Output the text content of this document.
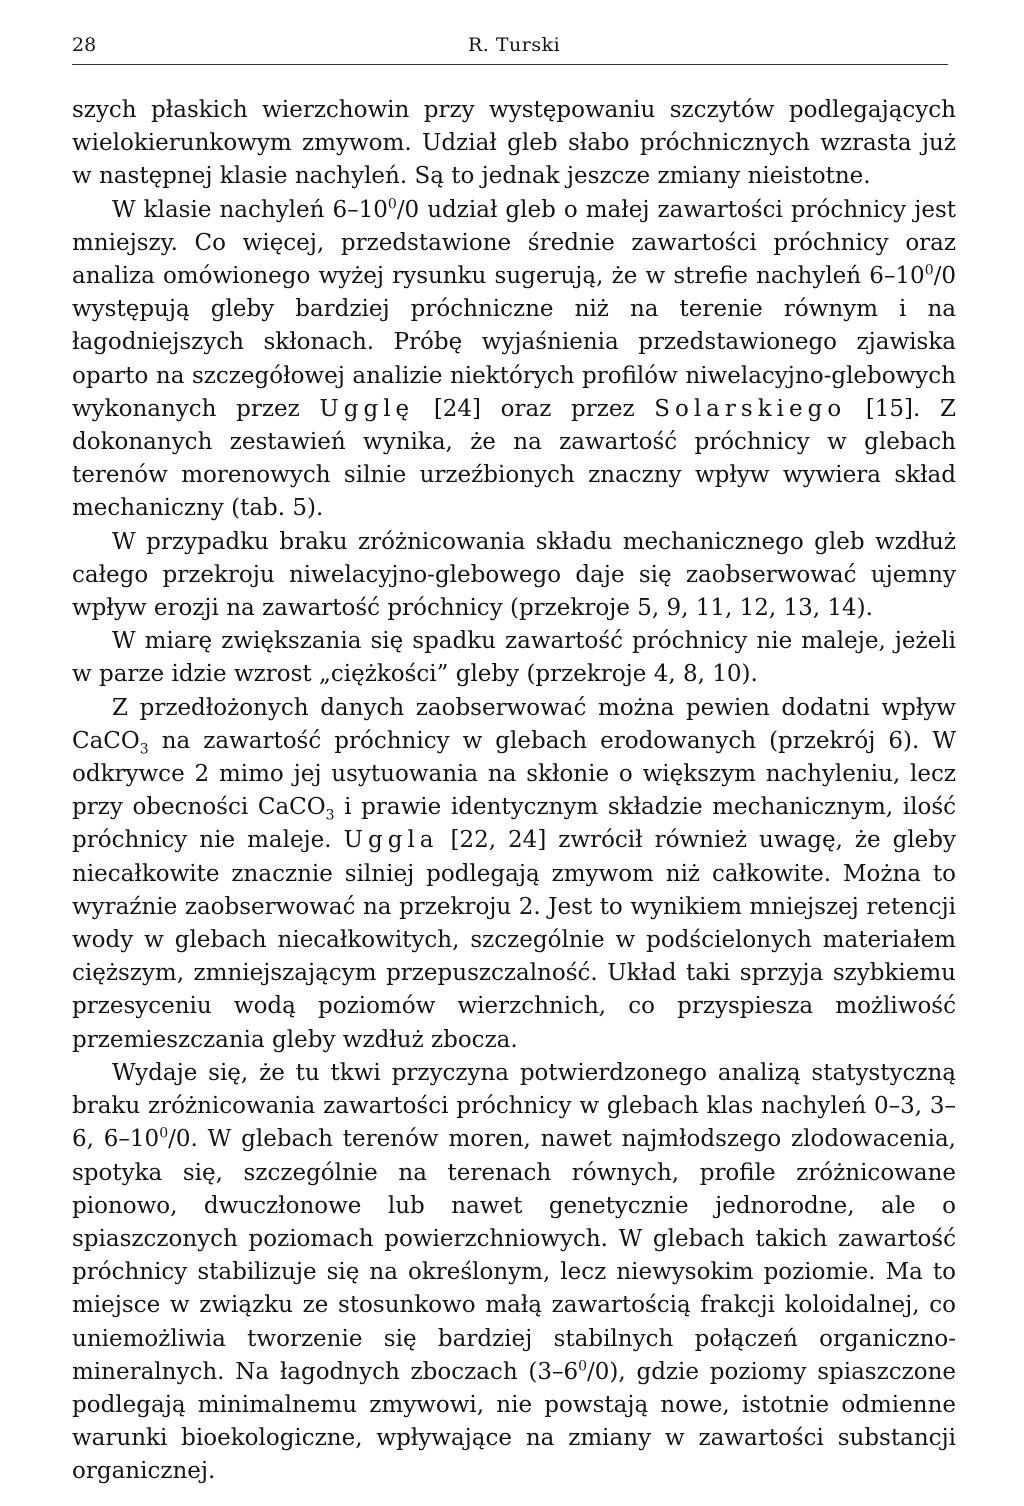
28	R. Turski

szych płaskich wierzchowin przy występowaniu szczytów podlegających wielokierunkowym zmywom. Udział gleb słabo próchnicznych wzrasta już w następnej klasie nachyleń. Są to jednak jeszcze zmiany nieistotne.

W klasie nachyleń $6-10^0/0$ udział gleb o małej zawartości próchnicy jest mniejszy. Co więcej, przedstawione średnie zawartości próchnicy oraz analiza omówionego wyżej rysunku sugerują, że w strefie nachyleń $6-10^0/0$ występują gleby bardziej próchniczne niż na terenie równym i na łagodniejszych skłonach. Próbę wyjaśnienia przedstawionego zjawiska oparto na szczegółowej analizie niektórych profilów niwelacyjno-glebowych wykonanych przez Ugglę [24] oraz przez Solarskiego [15]. Z dokonanych zestawień wynika, że na zawartość próchnicy w glebach terenów morenowych silnie urzeźbionych znaczny wpływ wywiera skład mechaniczny (tab. 5).

W przypadku braku zróżnicowania składu mechanicznego gleb wzdłuż całego przekroju niwelacyjno-glebowego daje się zaobserwować ujemny wpływ erozji na zawartość próchnicy (przekroje 5, 9, 11, 12, 13, 14).

W miarę zwiększania się spadku zawartość próchnicy nie maleje, jeżeli w parze idzie wzrost „ciężkości” gleby (przekroje 4, 8, 10).

Z przedłożonych danych zaobserwować można pewien dodatni wpływ CaCO$_3$ na zawartość próchnicy w glebach erodowanych (przekrój 6). W odkrywce 2 mimo jej usytuowania na skłonie o większym nachyleniu, lecz przy obecności CaCO$_3$ i prawie identycznym składzie mechanicznym, ilość próchnicy nie maleje. Uggla [22, 24] zwrócił również uwagę, że gleby niecałkowite znacznie silniej podlegają zmywom niż całkowite. Można to wyraźnie zaobserwować na przekroju 2. Jest to wynikiem mniejszej retencji wody w glebach niecałkowitych, szczególnie w podścielonych materiałem cięższym, zmniejszającym przepuszczalność. Układ taki sprzyja szybkiemu przesyceniu wodą poziomów wierzchnich, co przyspiesza możliwość przemieszczania gleby wzdłuż zbocza.

Wydaje się, że tu tkwi przyczyna potwierdzonego analizą statystyczną braku zróżnicowania zawartości próchnicy w glebach klas nachyleń 0–3, 3–6, $6-10^0/0$. W glebach terenów moren, nawet najmłodszego zlodowacenia, spotyka się, szczególnie na terenach równych, profile zróżnicowane pionowo, dwuczłonowe lub nawet genetycznie jednorodne, ale o spiaszczonych poziomach powierzchniowych. W glebach takich zawartość próchnicy stabilizuje się na określonym, lecz niewysokim poziomie. Ma to miejsce w związku ze stosunkowo małą zawartością frakcji koloidalnej, co uniemożliwia tworzenie się bardziej stabilnych połączeń organiczno-mineralnych. Na łagodnych zboczach $(3-6^0/0)$, gdzie poziomy spiaszczone podlegają minimalnemu zmywowi, nie powstają nowe, istotnie odmienne warunki bioekologiczne, wpływające na zmiany w zawartości substancji organicznej.
